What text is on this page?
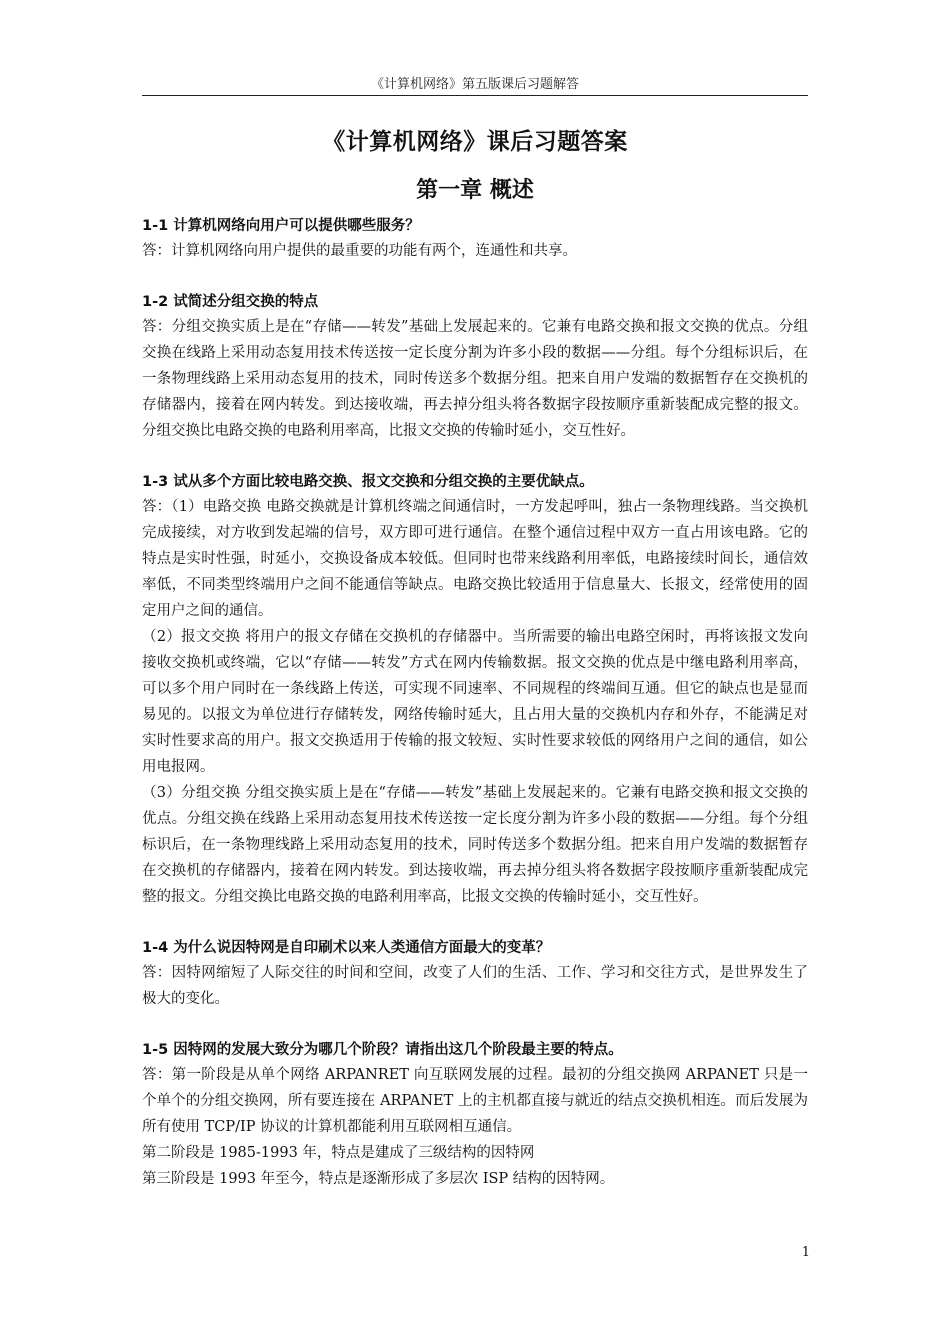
《计算机网络》第五版课后习题解答
《计算机网络》课后习题答案
第一章 概述

1-1 计算机网络向用户可以提供哪些服务？

答：计算机网络向用户提供的最重要的功能有两个，连通性和共享。

1-2 试简述分组交换的特点

答：分组交换实质上是在“存储——转发”基础上发展起来的。它兼有电路交换和报文交换的优点。分组交换在线路上采用动态复用技术传送按一定长度分割为许多小段的数据——分组。每个分组标识后，在一条物理线路上采用动态复用的技术，同时传送多个数据分组。把来自用户发端的数据暂存在交换机的存储器内，接着在网内转发。到达接收端，再去掉分组头将各数据字段按顺序重新装配成完整的报文。分组交换比电路交换的电路利用率高，比报文交换的传输时延小，交互性好。

1-3 试从多个方面比较电路交换、报文交换和分组交换的主要优缺点。

答：（1）电路交换 电路交换就是计算机终端之间通信时，一方发起呼叫，独占一条物理线路。当交换机完成接续，对方收到发起端的信号，双方即可进行通信。在整个通信过程中双方一直占用该电路。它的特点是实时性强，时延小，交换设备成本较低。但同时也带来线路利用率低，电路接续时间长，通信效率低，不同类型终端用户之间不能通信等缺点。电路交换比较适用于信息量大、长报文，经常使用的固定用户之间的通信。

（2）报文交换 将用户的报文存储在交换机的存储器中。当所需要的输出电路空闲时，再将该报文发向接收交换机或终端，它以“存储——转发”方式在网内传输数据。报文交换的优点是中继电路利用率高，可以多个用户同时在一条线路上传送，可实现不同速率、不同规程的终端间互通。但它的缺点也是显而易见的。以报文为单位进行存储转发，网络传输时延大，且占用大量的交换机内存和外存，不能满足对实时性要求高的用户。报文交换适用于传输的报文较短、实时性要求较低的网络用户之间的通信，如公用电报网。

（3）分组交换 分组交换实质上是在“存储——转发”基础上发展起来的。它兼有电路交换和报文交换的优点。分组交换在线路上采用动态复用技术传送按一定长度分割为许多小段的数据——分组。每个分组标识后，在一条物理线路上采用动态复用的技术，同时传送多个数据分组。把来自用户发端的数据暂存在交换机的存储器内，接着在网内转发。到达接收端，再去掉分组头将各数据字段按顺序重新装配成完整的报文。分组交换比电路交换的电路利用率高，比报文交换的传输时延小，交互性好。

1-4 为什么说因特网是自印刷术以来人类通信方面最大的变革？

答：因特网缩短了人际交往的时间和空间，改变了人们的生活、工作、学习和交往方式，是世界发生了极大的变化。

1-5 因特网的发展大致分为哪几个阶段？请指出这几个阶段最主要的特点。

答：第一阶段是从单个网络 ARPANRET 向互联网发展的过程。最初的分组交换网 ARPANET 只是一个单个的分组交换网，所有要连接在 ARPANET 上的主机都直接与就近的结点交换机相连。而后发展为所有使用 TCP/IP 协议的计算机都能利用互联网相互通信。

第二阶段是 1985-1993 年，特点是建成了三级结构的因特网

第三阶段是 1993 年至今，特点是逐渐形成了多层次 ISP 结构的因特网。

1
